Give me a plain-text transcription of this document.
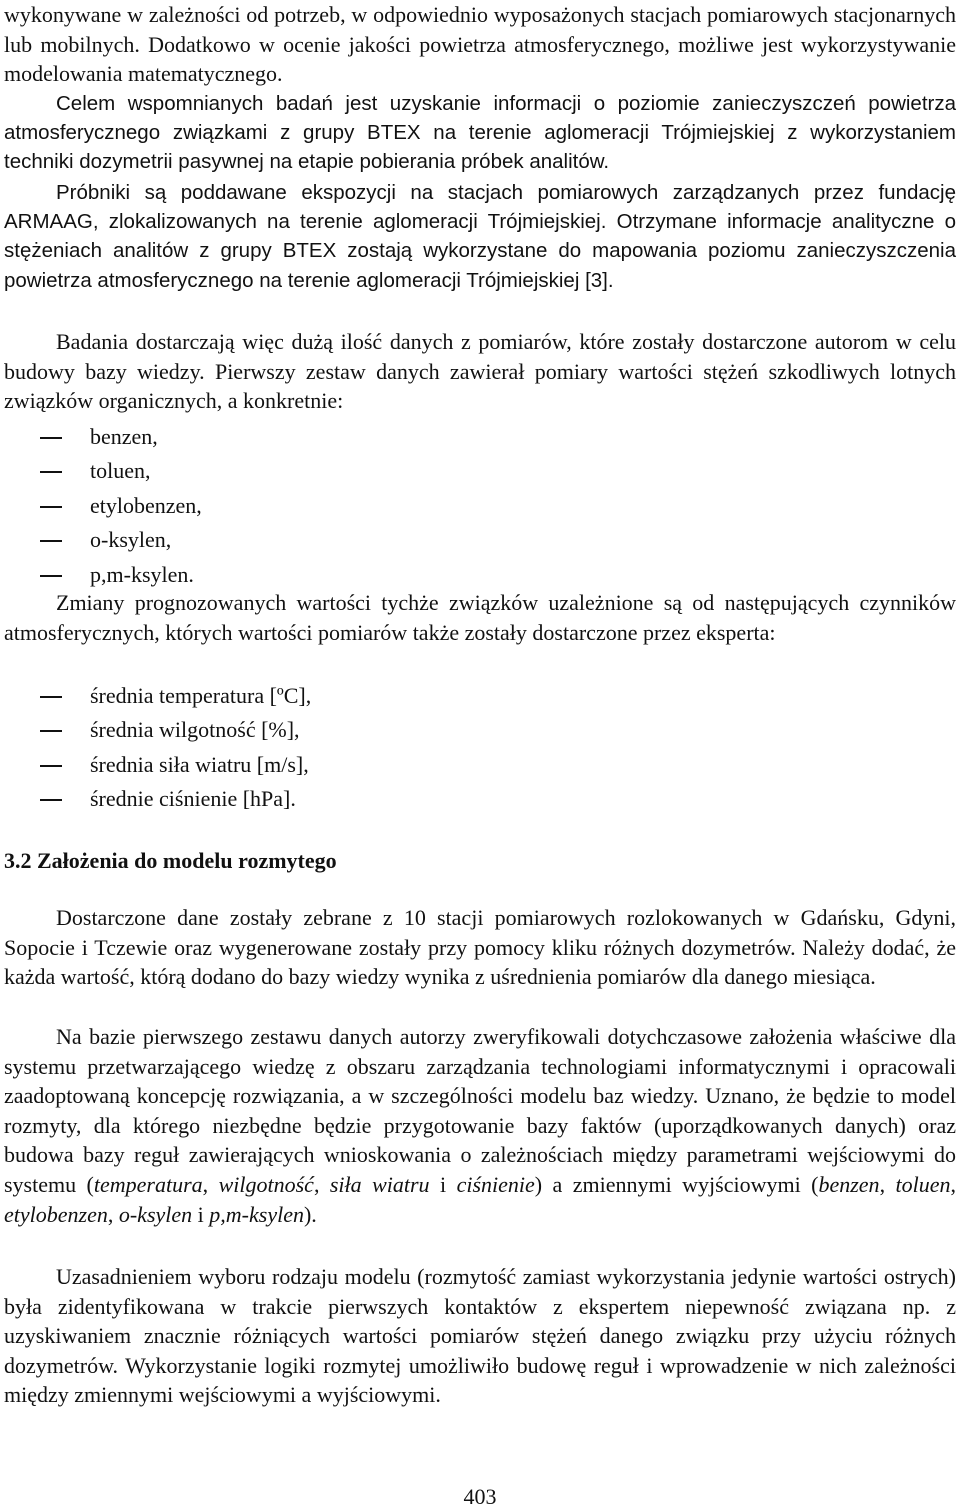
wykonywane w zależności od potrzeb, w odpowiednio wyposażonych stacjach pomiarowych stacjonarnych lub mobilnych. Dodatkowo w ocenie jakości powietrza atmosferycznego, możliwe jest wykorzystywanie modelowania matematycznego.

Celem wspomnianych badań jest uzyskanie informacji o poziomie zanieczyszczeń powietrza atmosferycznego związkami z grupy BTEX na terenie aglomeracji Trójmiejskiej z wykorzystaniem techniki dozymetrii pasywnej na etapie pobierania próbek analitów.

Próbniki są poddawane ekspozycji na stacjach pomiarowych zarządzanych przez fundację ARMAAG, zlokalizowanych na terenie aglomeracji Trójmiejskiej. Otrzymane informacje analityczne o stężeniach analitów z grupy BTEX zostają wykorzystane do mapowania poziomu zanieczyszczenia powietrza atmosferycznego na terenie aglomeracji Trójmiejskiej [3].

Badania dostarczają więc dużą ilość danych z pomiarów, które zostały dostarczone autorom w celu budowy bazy wiedzy. Pierwszy zestaw danych zawierał pomiary wartości stężeń szkodliwych lotnych związków organicznych, a konkretnie:

benzen,
toluen,
etylobenzen,
o-ksylen,
p,m-ksylen.

Zmiany prognozowanych wartości tychże związków uzależnione są od następujących czynników atmosferycznych, których wartości pomiarów także zostały dostarczone przez eksperta:

średnia temperatura [ºC],
średnia wilgotność [%],
średnia siła wiatru [m/s],
średnie ciśnienie [hPa].
3.2 Założenia do modelu rozmytego

Dostarczone dane zostały zebrane z 10 stacji pomiarowych rozlokowanych w Gdańsku, Gdyni, Sopocie i Tczewie oraz wygenerowane zostały przy pomocy kliku różnych dozymetrów. Należy dodać, że każda wartość, którą dodano do bazy wiedzy wynika z uśrednienia pomiarów dla danego miesiąca.

Na bazie pierwszego zestawu danych autorzy zweryfikowali dotychczasowe założenia właściwe dla systemu przetwarzającego wiedzę z obszaru zarządzania technologiami informatycznymi i opracowali zaadoptowaną koncepcję rozwiązania, a w szczególności modelu baz wiedzy. Uznano, że będzie to model rozmyty, dla którego niezbędne będzie przygotowanie bazy faktów (uporządkowanych danych) oraz budowa bazy reguł zawierających wnioskowania o zależnościach między parametrami wejściowymi do systemu (temperatura, wilgotność, siła wiatru i ciśnienie) a zmiennymi wyjściowymi (benzen, toluen, etylobenzen, o-ksylen i p,m-ksylen).

Uzasadnieniem wyboru rodzaju modelu (rozmytość zamiast wykorzystania jedynie wartości ostrych) była zidentyfikowana w trakcie pierwszych kontaktów z ekspertem niepewność związana np. z uzyskiwaniem znacznie różniących wartości pomiarów stężeń danego związku przy użyciu różnych dozymetrów. Wykorzystanie logiki rozmytej umożliwiło budowę reguł i wprowadzenie w nich zależności między zmiennymi wejściowymi a wyjściowymi.

403
